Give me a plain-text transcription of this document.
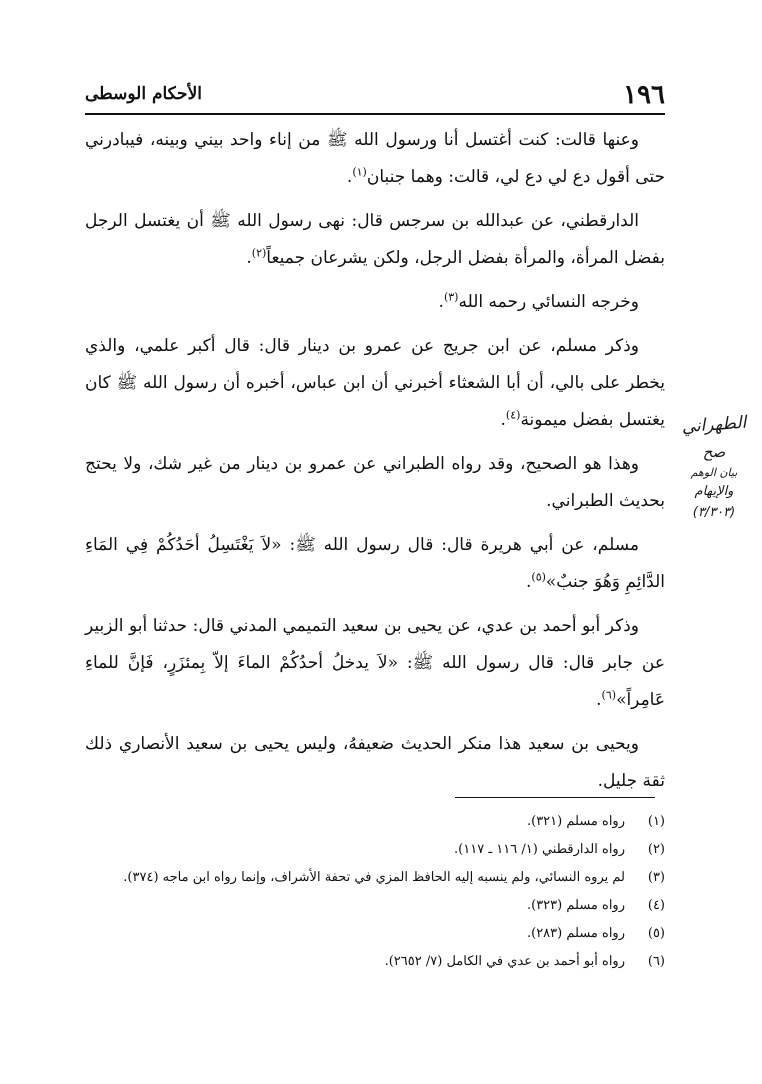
١٩٦
الأحكام الوسطى

وعنها قالت: كنت أغتسل أنا ورسول الله ﷺ من إناء واحد بيني وبينه، فيبادرني حتى أقول دع لي دع لي، قالت: وهما جنبان$^{(١)}$.

الدارقطني، عن عبدالله بن سرجس قال: نهى رسول الله ﷺ أن يغتسل الرجل بفضل المرأة، والمرأة بفضل الرجل، ولكن يشرعان جميعاً$^{(٢)}$.

وخرجه النسائي رحمه الله$^{(٣)}$.

وذكر مسلم، عن ابن جريج عن عمرو بن دينار قال: قال أكبر علمي، والذي يخطر على بالي، أن أبا الشعثاء أخبرني أن ابن عباس، أخبره أن رسول الله ﷺ كان يغتسل بفضل ميمونة$^{(٤)}$.

وهذا هو الصحيح، وقد رواه الطبراني عن عمرو بن دينار من غير شك، ولا يحتج بحديث الطبراني.

مسلم، عن أبي هريرة قال: قال رسول الله ﷺ: «لاَ يَغْتَسِلُ أحَدُكُمْ فِي المَاءِ الدَّائِمِ وَهُوَ جنبٌ»$^{(٥)}$.

وذكر أبو أحمد بن عدي، عن يحيى بن سعيد التميمي المدني قال: حدثنا أبو الزبير عن جابر قال: قال رسول الله ﷺ: «لاَ يدخلُ أحدُكُمْ الماءَ إلاّ بِمئزَرٍ، فَإنَّ للماءِ عَامِراً»$^{(٦)}$.

ويحيى بن سعيد هذا منكر الحديث ضعيفهُ، وليس يحيى بن سعيد الأنصاري ذلك ثقة جليل.

الطهراني
صح
بيان الوهم
والإيهام
(٣/٣٠٣)
(١)
رواه مسلم (٣٢١).
(٢)
رواه الدارقطني (١/ ١١٦ ـ ١١٧).
(٣)
لم يروه النسائي، ولم ينسبه إليه الحافظ المزي في تحفة الأشراف، وإنما رواه ابن ماجه (٣٧٤).
(٤)
رواه مسلم (٣٢٣).
(٥)
رواه مسلم (٢٨٣).
(٦)
رواه أبو أحمد بن عدي في الكامل (٧/ ٢٦٥٢).
